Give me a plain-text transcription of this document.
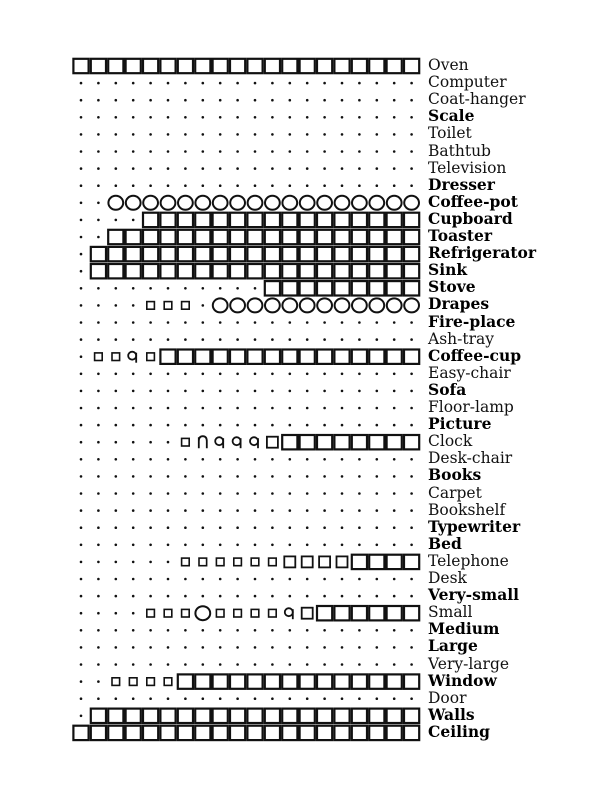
Oven
Computer
Coat-hanger
Scale
Toilet
Bathtub
Television
Dresser
Coffee-pot
Cupboard
Toaster
Refrigerator
Sink
Stove
Drapes
Fire-place
Ash-tray
Coffee-cup
Easy-chair
Sofa
Floor-lamp
Picture
Clock
Desk-chair
Books
Carpet
Bookshelf
Typewriter
Bed
Telephone
Desk
Very-small
Small
Medium
Large
Very-large
Window
Door
Walls
Ceiling
